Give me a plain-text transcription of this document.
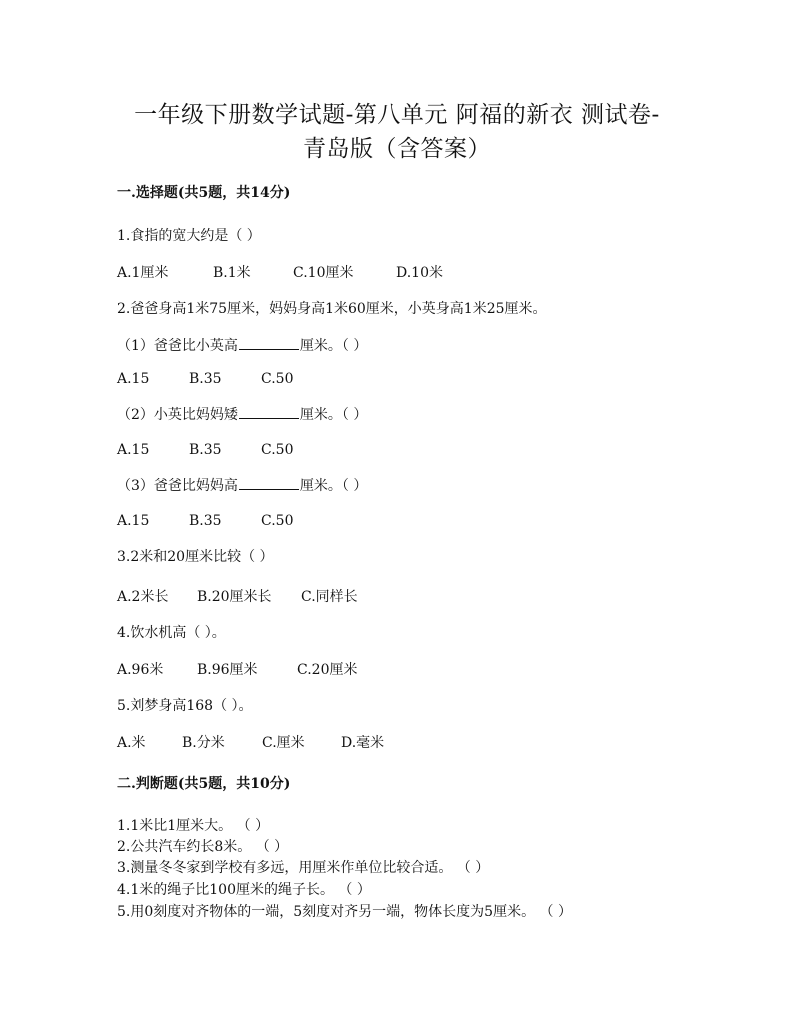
一年级下册数学试题-第八单元 阿福的新衣 测试卷-
青岛版（含答案）
一.选择题(共5题，共14分)
1.食指的宽大约是（ ）
A.1厘米	B.1米	C.10厘米	D.10米
2.爸爸身高1米75厘米，妈妈身高1米60厘米，小英身高1米25厘米。
（1）爸爸比小英高	厘米。（ ）
A.15	B.35	C.50
（2）小英比妈妈矮	厘米。（ ）
A.15	B.35	C.50
（3）爸爸比妈妈高	厘米。（ ）
A.15	B.35	C.50
3.2米和20厘米比较（ ）
A.2米长 B.20厘米长 C.同样长
4.饮水机高（ ）。
A.96米 B.96厘米	C.20厘米
5.刘梦身高168（ ）。
A.米	B.分米	C.厘米	D.毫米
二.判断题(共5题，共10分)
1.1米比1厘米大。 （ ）
2.公共汽车约长8米。 （ ）
3.测量冬冬家到学校有多远，用厘米作单位比较合适。 （ ）
4.1米的绳子比100厘米的绳子长。 （ ）
5.用0刻度对齐物体的一端，5刻度对齐另一端，物体长度为5厘米。 （ ）
